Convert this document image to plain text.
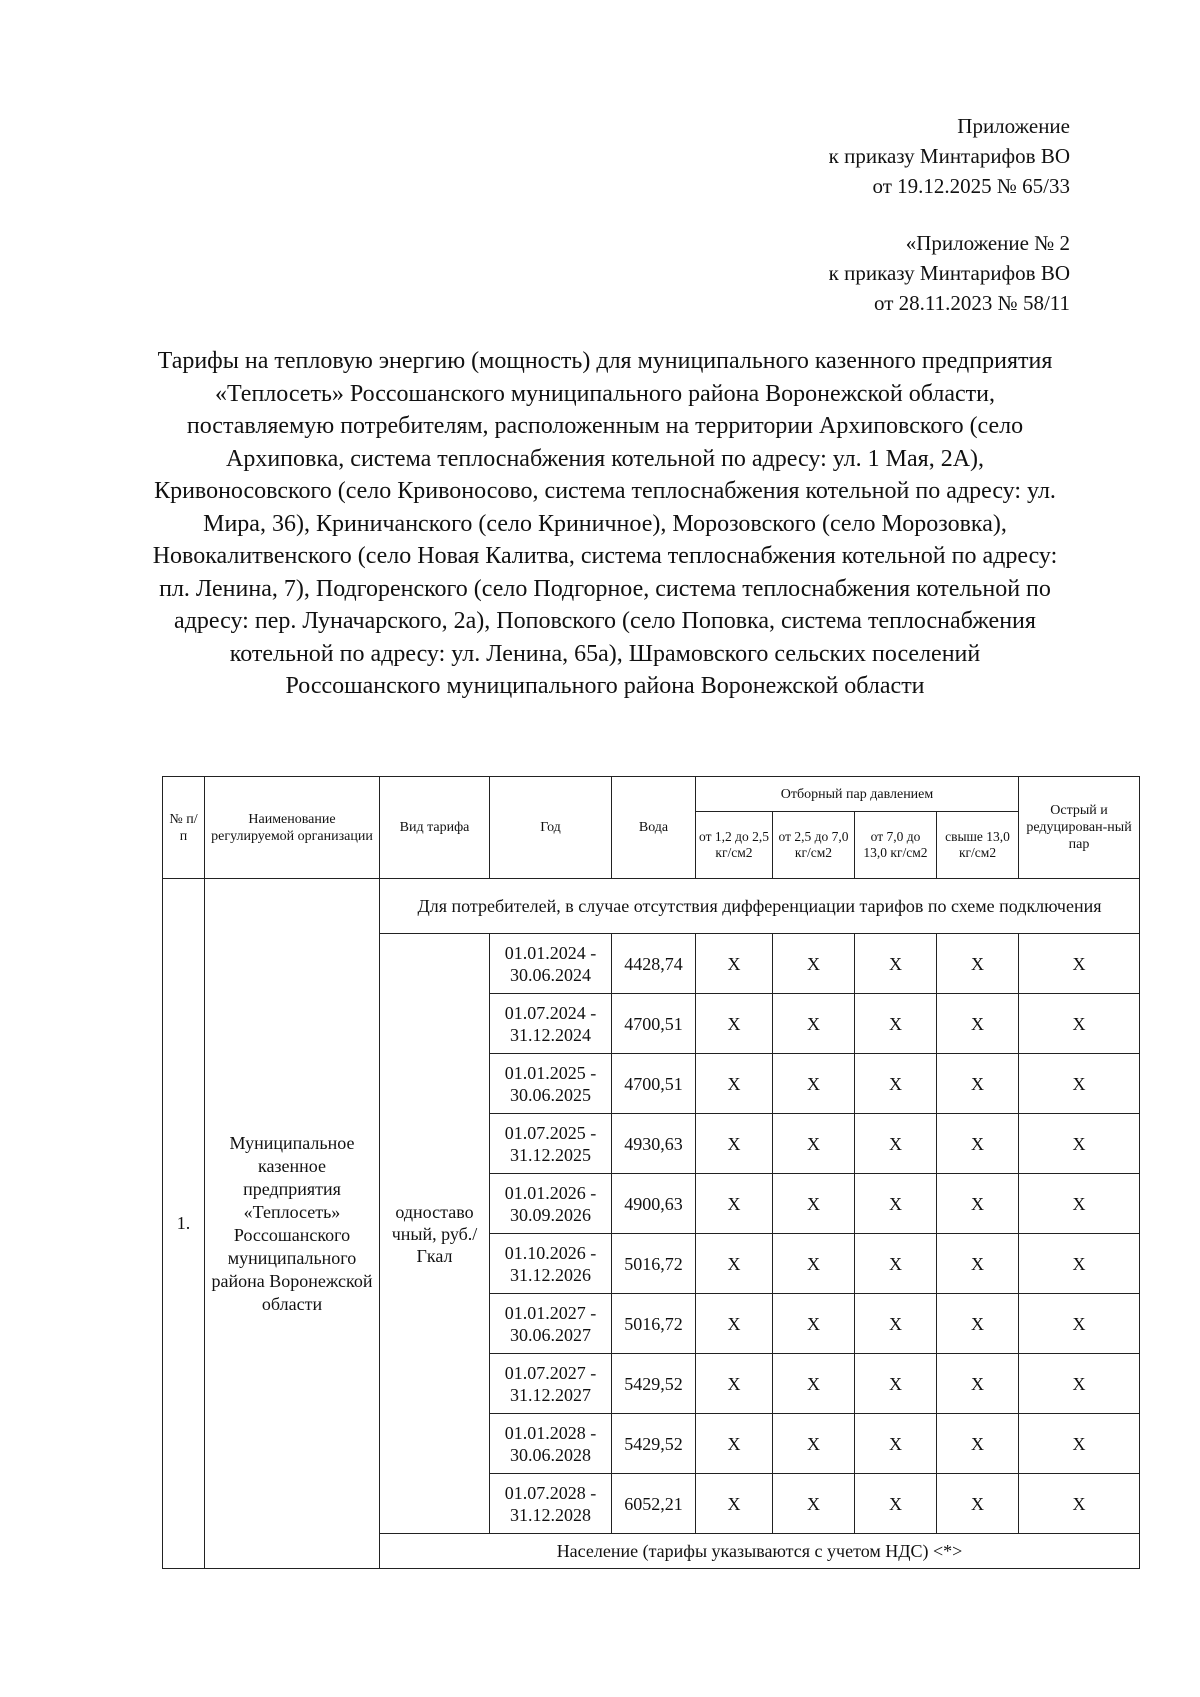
Приложение
к приказу Минтарифов ВО
от 19.12.2025 № 65/33
«Приложение № 2
к приказу Минтарифов ВО
от 28.11.2023 № 58/11
Тарифы на тепловую энергию (мощность) для муниципального казенного предприятия «Теплосеть» Россошанского муниципального района Воронежской области, поставляемую потребителям, расположенным на территории Архиповского (село Архиповка, система теплоснабжения котельной по адресу: ул. 1 Мая, 2А), Кривоносовского (село Кривоносово, система теплоснабжения котельной по адресу: ул. Мира, 36), Криничанского (село Криничное), Морозовского (село Морозовка), Новокалитвенского (село Новая Калитва, система теплоснабжения котельной по адресу: пл. Ленина, 7), Подгоренского (село Подгорное, система теплоснабжения котельной по адресу: пер. Луначарского, 2а), Поповского (село Поповка, система теплоснабжения котельной по адресу: ул. Ленина, 65а), Шрамовского сельских поселений Россошанского муниципального района Воронежской области
№ п/п	Наименование регулируемой организации	Вид тарифа	Год	Вода	Отборный пар давлением				Острый и редуцирован-ный пар
					от 1,2 до 2,5 кг/см2	от 2,5 до 7,0 кг/см2	от 7,0 до 13,0 кг/см2	свыше 13,0 кг/см2	
1.	Муниципальное казенное предприятия «Теплосеть» Россошанского муниципального района Воронежской области	Для потребителей, в случае отсутствия дифференциации тарифов по схеме подключения							
		одноставо чный, руб./Гкал	01.01.2024 - 30.06.2024	4428,74	X	X	X	X	X
			01.07.2024 - 31.12.2024	4700,51	X	X	X	X	X
			01.01.2025 - 30.06.2025	4700,51	X	X	X	X	X
			01.07.2025 - 31.12.2025	4930,63	X	X	X	X	X
			01.01.2026 - 30.09.2026	4900,63	X	X	X	X	X
			01.10.2026 - 31.12.2026	5016,72	X	X	X	X	X
			01.01.2027 - 30.06.2027	5016,72	X	X	X	X	X
			01.07.2027 - 31.12.2027	5429,52	X	X	X	X	X
			01.01.2028 - 30.06.2028	5429,52	X	X	X	X	X
			01.07.2028 - 31.12.2028	6052,21	X	X	X	X	X
		Население (тарифы указываются с учетом НДС) <*>							
